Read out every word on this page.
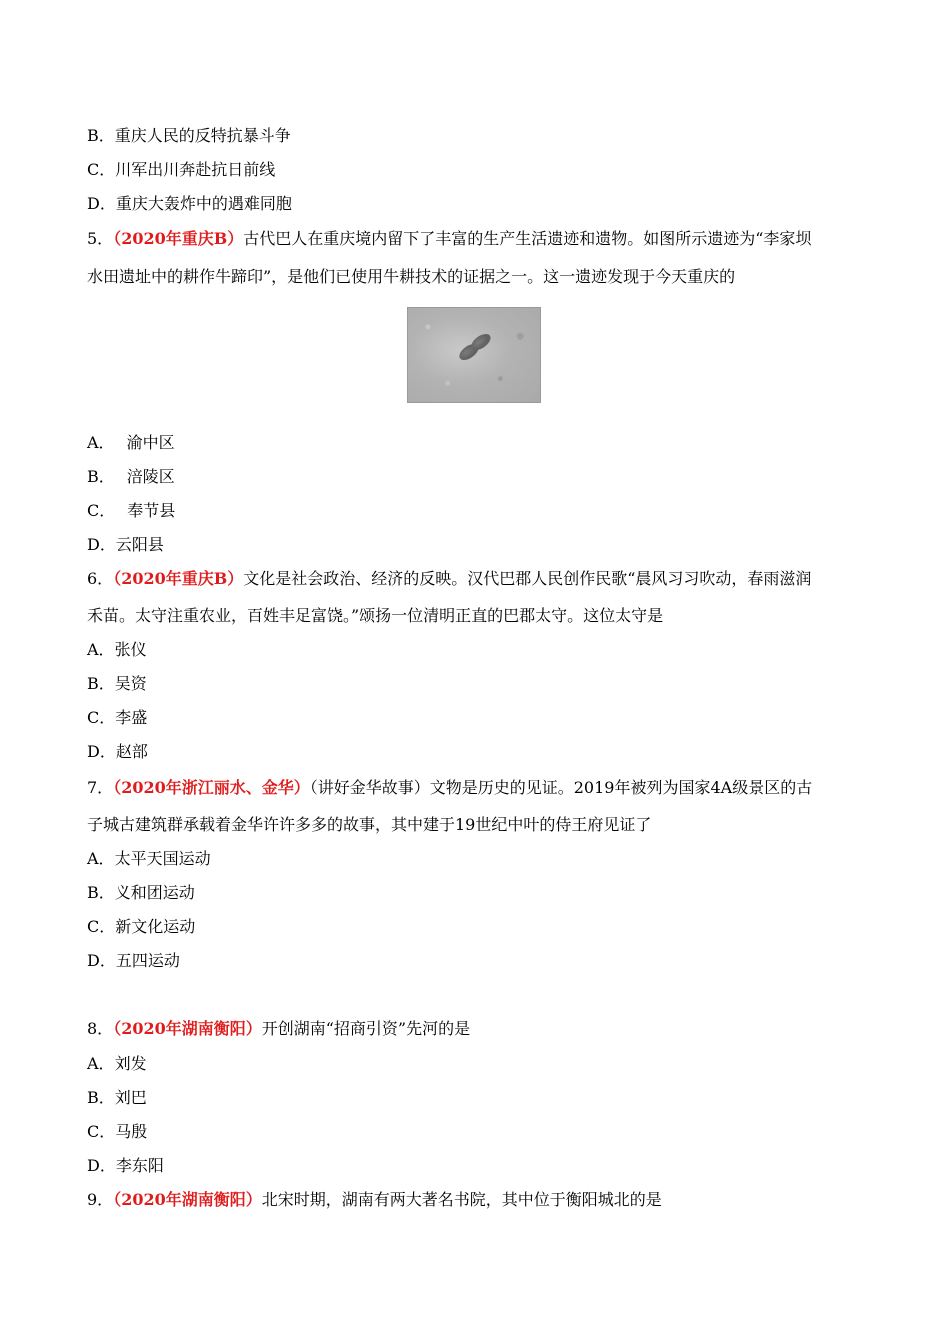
B．重庆人民的反特抗暴斗争
C．川军出川奔赴抗日前线
D．重庆大轰炸中的遇难同胞
5．（2020年重庆B）古代巴人在重庆境内留下了丰富的生产生活遗迹和遗物。如图所示遗迹为“李家坝
水田遗址中的耕作牛蹄印”，是他们已使用牛耕技术的证据之一。这一遗迹发现于今天重庆的
A． 渝中区
B． 涪陵区
C． 奉节县
D．云阳县
6．（2020年重庆B）文化是社会政治、经济的反映。汉代巴郡人民创作民歌“晨风习习吹动，春雨滋润
禾苗。太守注重农业，百姓丰足富饶。”颂扬一位清明正直的巴郡太守。这位太守是
A．张仪
B．吴资
C．李盛
D．赵部
7．（2020年浙江丽水、金华）（讲好金华故事）文物是历史的见证。2019年被列为国家4A级景区的古
子城古建筑群承载着金华许许多多的故事，其中建于19世纪中叶的侍王府见证了
A．太平天国运动
B．义和团运动
C．新文化运动
D．五四运动
8．（2020年湖南衡阳）开创湖南“招商引资”先河的是
A．刘发
B．刘巴
C．马殷
D．李东阳
9．（2020年湖南衡阳）北宋时期，湖南有两大著名书院，其中位于衡阳城北的是
